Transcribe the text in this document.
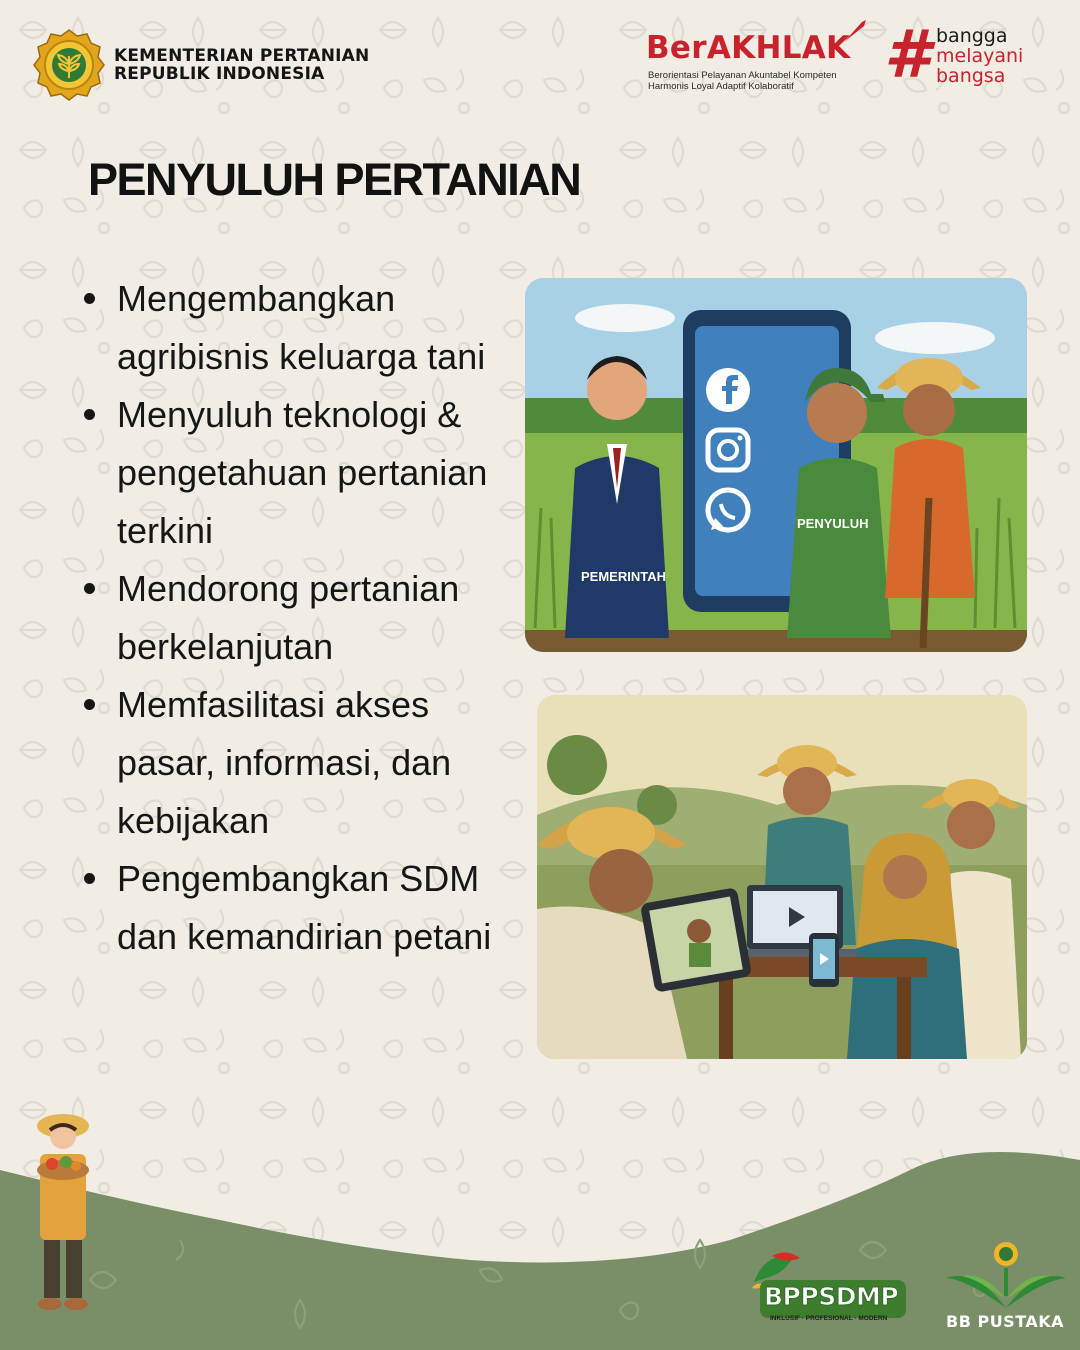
KEMENTERIAN PERTANIAN
REPUBLIK INDONESIA
BerAKHLAK
Berorientasi Pelayanan Akuntabel Kompeten
Harmonis Loyal Adaptif Kolaboratif	# bangga
melayani
bangsa
PENYULUH PERTANIAN
Mengembangkan agribisnis keluarga tani
Menyuluh teknologi & pengetahuan pertanian terkini
Mendorong pertanian berkelanjutan
Memfasilitasi akses pasar, informasi, dan kebijakan
Pengembangkan SDM dan kemandirian petani
PEMERINTAH
PENYULUH
BPPSDMP
INKLUSIF · PROFESIONAL · MODERN	BB PUSTAKA
